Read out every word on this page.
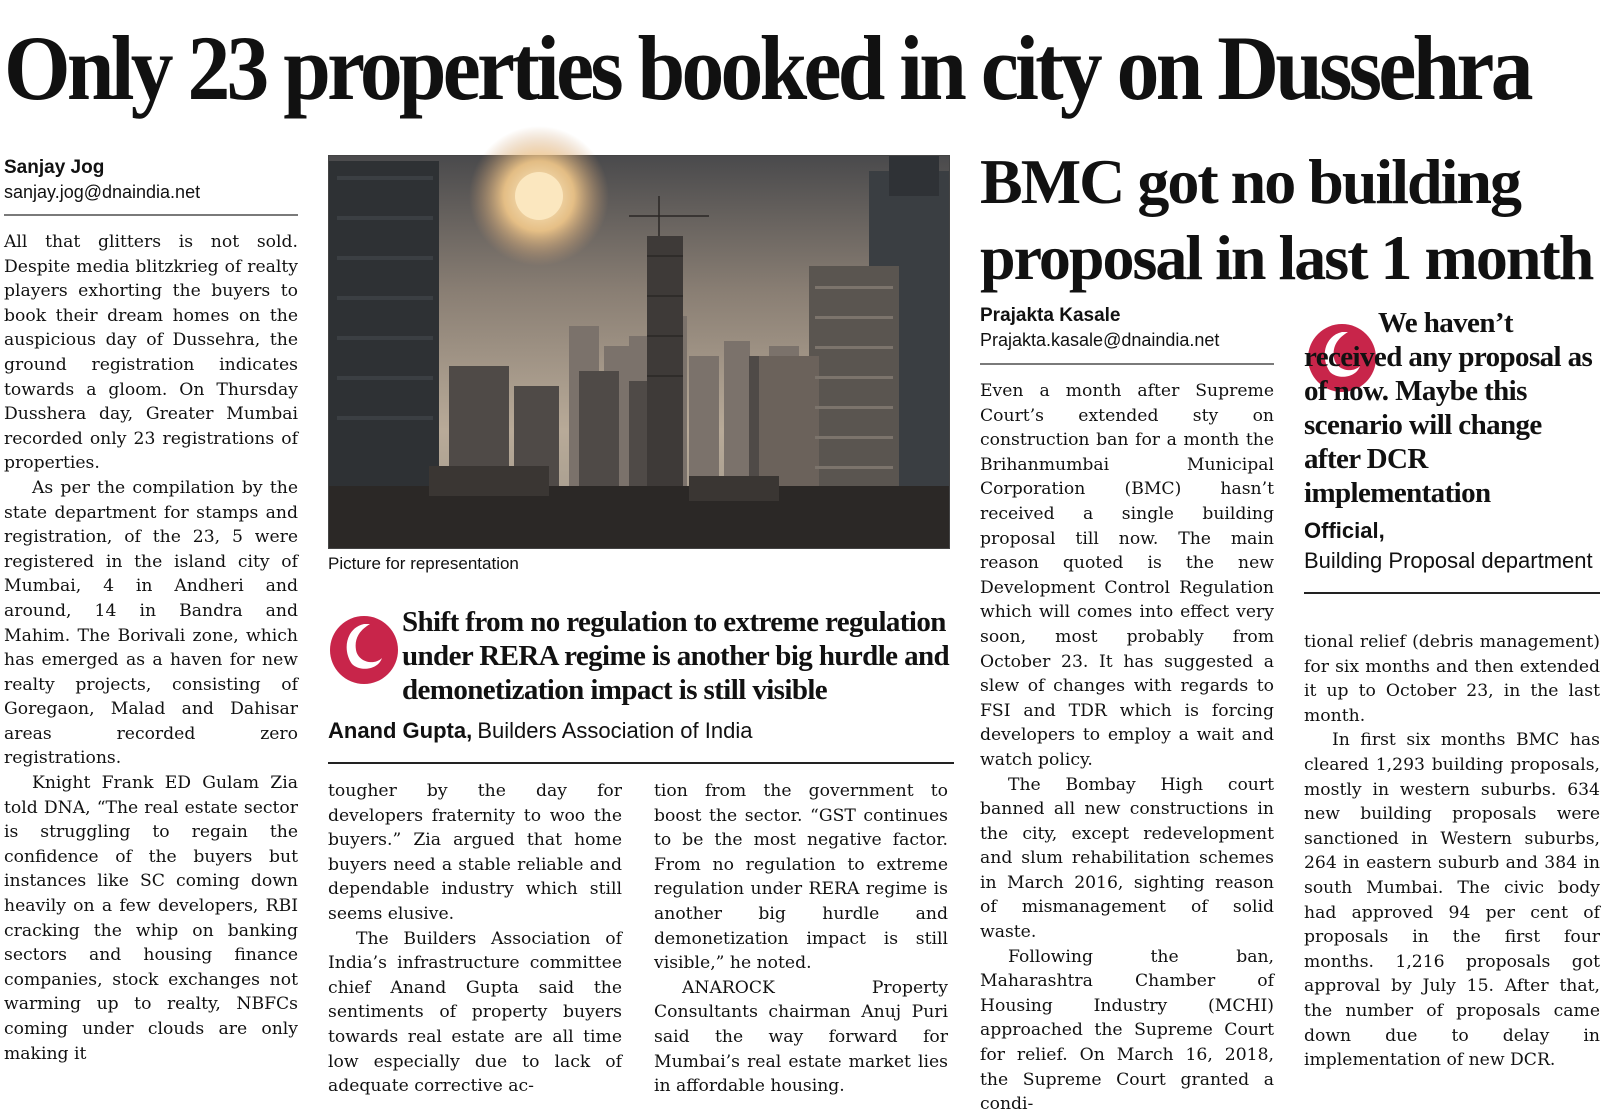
Only 23 properties booked in city on Dussehra
Sanjay Jog
sanjay.jog@dnaindia.net

All that glitters is not sold. Despite media blitzkrieg of realty players exhorting the buyers to book their dream homes on the auspicious day of Dussehra, the ground registration indicates towards a gloom. On Thursday Dusshera day, Greater Mumbai recorded only 23 registrations of properties.

As per the compilation by the state department for stamps and registration, of the 23, 5 were registered in the island city of Mumbai, 4 in Andheri and around, 14 in Bandra and Mahim. The Borivali zone, which has emerged as a haven for new realty projects, consisting of Goregaon, Malad and Dahisar areas recorded zero registrations.

Knight Frank ED Gulam Zia told DNA, “The real estate sector is struggling to regain the confidence of the buyers but instances like SC coming down heavily on a few developers, RBI cracking the whip on banking sectors and housing finance companies, stock exchanges not warming up to realty, NBFCs coming under clouds are only making it

Picture for representation
Shift from no regulation to extreme regulation under RERA regime is another big hurdle and demonetization impact is still visible
Anand Gupta, Builders Association of India

tougher by the day for developers fraternity to woo the buyers.” Zia argued that home buyers need a stable reliable and dependable industry which still seems elusive.

The Builders Association of India’s infrastructure committee chief Anand Gupta said the sentiments of property buyers towards real estate are all time low especially due to lack of adequate corrective ac-

tion from the government to boost the sector. “GST continues to be the most negative factor. From no regulation to extreme regulation under RERA regime is another big hurdle and demonetization impact is still visible,” he noted.

ANAROCK Property Consultants chairman Anuj Puri said the way forward for Mumbai’s real estate market lies in affordable housing.

BMC got no building
proposal in last 1 month
Prajakta Kasale
Prajakta.kasale@dnaindia.net

Even a month after Supreme Court’s extended sty on construction ban for a month the Brihanmumbai Municipal Corporation (BMC) hasn’t received a single building proposal till now. The main reason quoted is the new Development Control Regulation which will comes into effect very soon, most probably from October 23. It has suggested a slew of changes with regards to FSI and TDR which is forcing developers to employ a wait and watch policy.

The Bombay High court banned all new constructions in the city, except redevelopment and slum rehabilitation schemes in March 2016, sighting reason of mismanagement of solid waste.

Following the ban, Maharashtra Chamber of Housing Industry (MCHI) approached the Supreme Court for relief. On March 16, 2018, the Supreme Court granted a condi-

We haven’t received any proposal as of now. Maybe this scenario will change after DCR implementation
Official,
Building Proposal department

tional relief (debris management) for six months and then extended it up to October 23, in the last month.

In first six months BMC has cleared 1,293 building proposals, mostly in western suburbs. 634 new building proposals were sanctioned in Western suburbs, 264 in eastern suburb and 384 in south Mumbai. The civic body had approved 94 per cent of proposals in the first four months. 1,216 proposals got approval by July 15. After that, the number of proposals came down due to delay in implementation of new DCR.
